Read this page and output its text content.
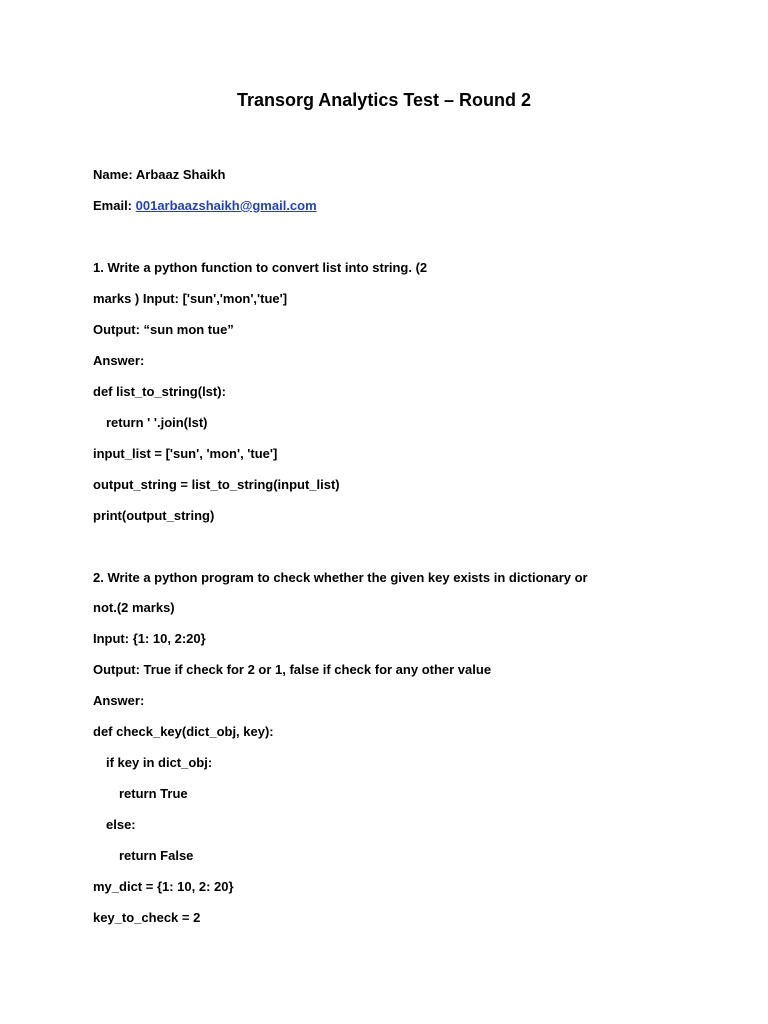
Transorg Analytics Test – Round 2
Name: Arbaaz Shaikh
Email: 001arbaazshaikh@gmail.com
1. Write a python function to convert list into string. (2
marks ) Input: ['sun','mon','tue']
Output: “sun mon tue”
Answer:
def list_to_string(lst):
return ' '.join(lst)
input_list = ['sun', 'mon', 'tue']
output_string = list_to_string(input_list)
print(output_string)
2. Write a python program to check whether the given key exists in dictionary or
not.(2 marks)
Input: {1: 10, 2:20}
Output: True if check for 2 or 1, false if check for any other value
Answer:
def check_key(dict_obj, key):
if key in dict_obj:
return True
else:
return False
my_dict = {1: 10, 2: 20}
key_to_check = 2
